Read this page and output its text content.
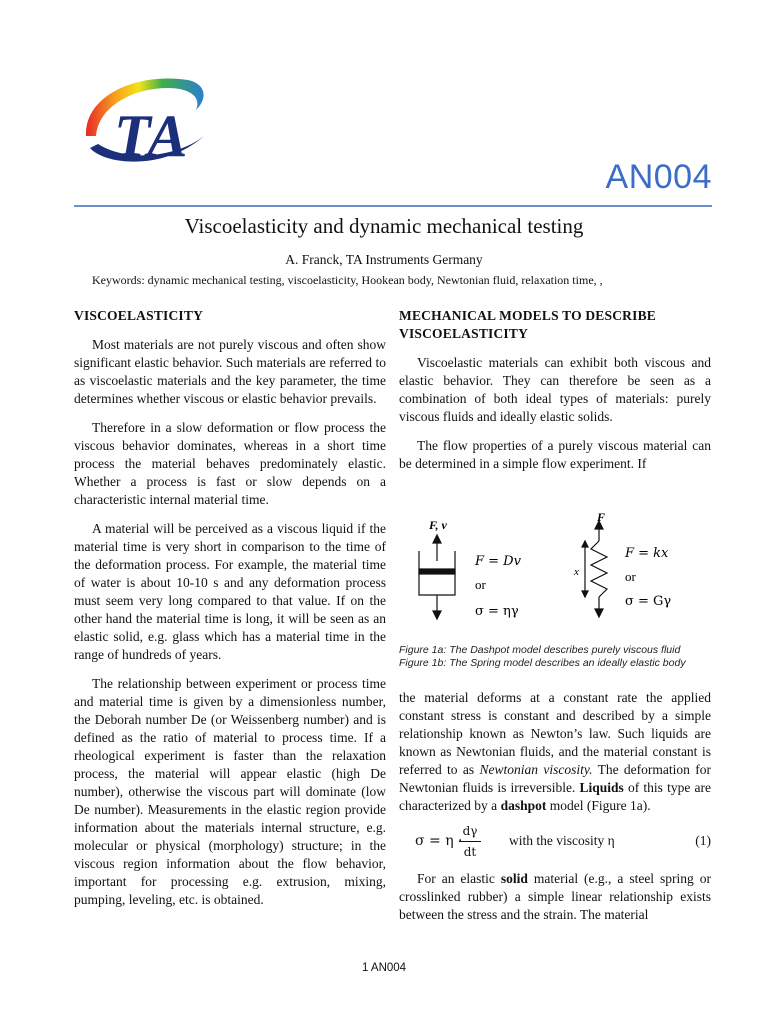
TA
AN004
Viscoelasticity and dynamic mechanical testing
A. Franck, TA Instruments Germany
Keywords: dynamic mechanical testing, viscoelasticity, Hookean body, Newtonian fluid, relaxation time, ,
VISCOELASTICITY

Most materials are not purely viscous and often show significant elastic behavior. Such materials are referred to as viscoelastic materials and the key parameter, the time determines whether viscous or elastic behavior prevails.

Therefore in a slow deformation or flow process the viscous behavior dominates, whereas in a short time process the material behaves predominately elastic. Whether a process is fast or slow depends on a characteristic internal material time.

A material will be perceived as a viscous liquid if the material time is very short in comparison to the time of the deformation process. For example, the material time of water is about 10-10 s and any deformation process must seem very long compared to that value. If on the other hand the material time is long, it will be seen as an elastic solid, e.g. glass which has a material time in the range of hundreds of years.

The relationship between experiment or process time and material time is given by a dimensionless number, the Deborah number De (or Weissenberg number) and is defined as the ratio of material to process time. If a rheological experiment is faster than the relaxation process, the material will appear elastic (high De number), otherwise the viscous part will dominate (low De number). Measurements in the elastic region provide information about the materials internal structure, e.g. molecular or physical (morphology) structure; in the viscous region information about the flow behavior, important for processing e.g. extrusion, mixing, pumping, leveling, etc. is obtained.

MECHANICAL MODELS TO DESCRIBE VISCOELASTICITY

Viscoelastic materials can exhibit both viscous and elastic behavior. They can therefore be seen as a combination of both ideal types of materials: purely viscous fluids and ideally elastic solids.

The flow properties of a purely viscous material can be determined in a simple flow experiment. If

F, v
F = Dv
or
σ = ηγ
F
x
F = kx
or
σ = Gγ

Figure 1a: The Dashpot model describes purely viscous fluid

Figure 1b: The Spring model describes an ideally elastic body

the material deforms at a constant rate the applied constant stress is constant and described by a simple relationship known as Newton’s law. Such liquids are known as Newtonian fluids, and the material constant is referred to as Newtonian viscosity. The deformation for Newtonian fluids is irreversible. Liquids of this type are characterized by a dashpot model (Figure 1a).

σ = η ·
$\frac{d\gamma}{dt}$ with the viscosity η	(1)

For an elastic solid material (e.g., a steel spring or crosslinked rubber) a simple linear relationship exists between the stress and the strain. The material

1 AN004
